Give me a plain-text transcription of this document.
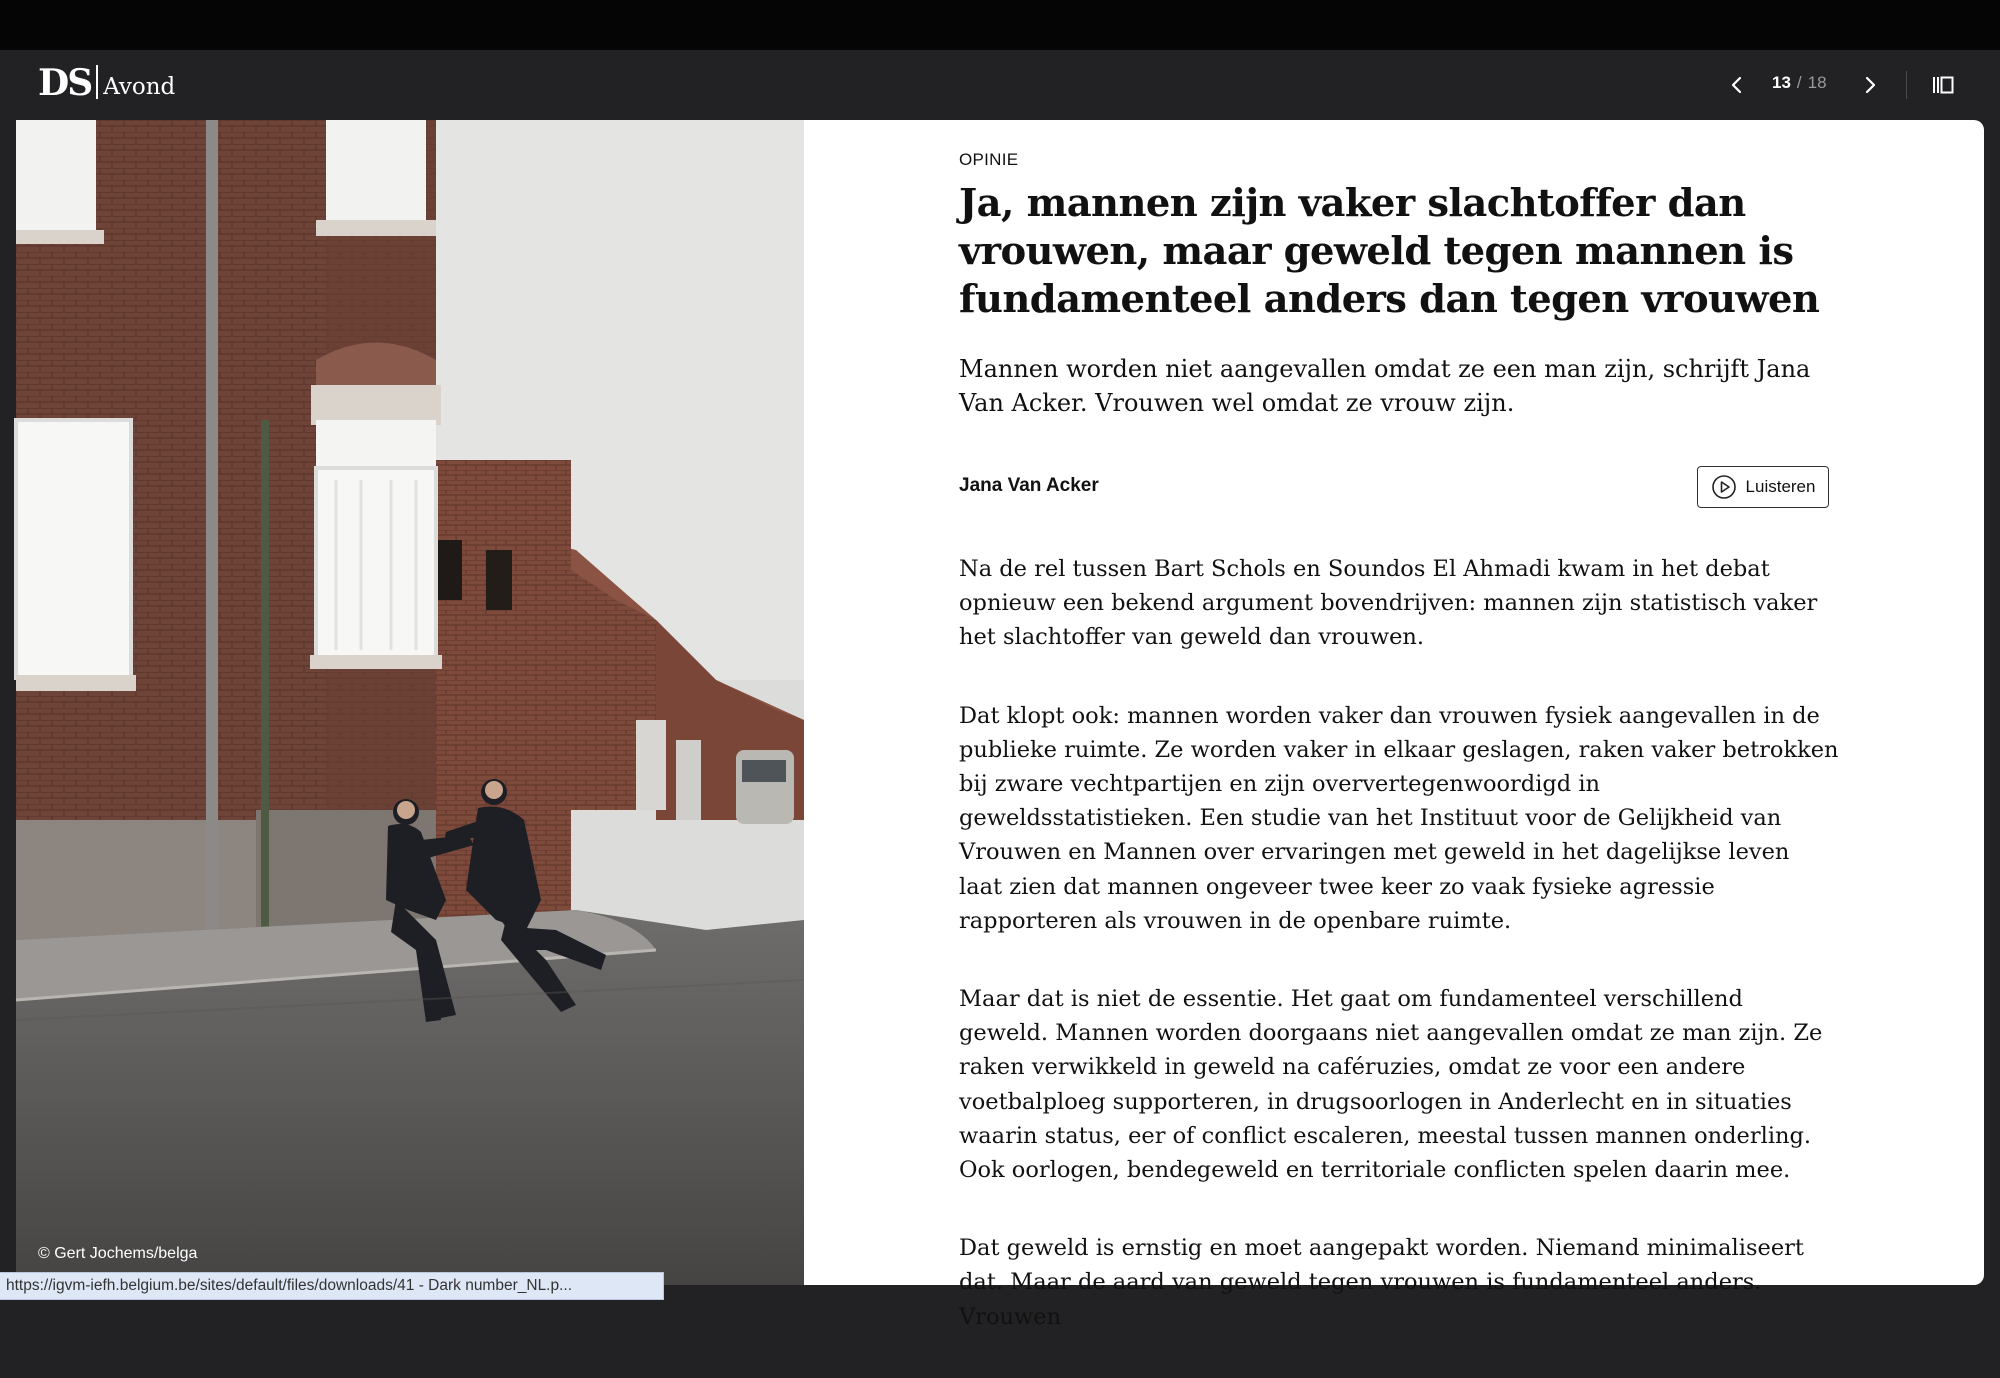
DS Avond	13 / 18
© Gert Jochems/belga
OPINIE
Ja, mannen zijn vaker slachtoffer dan vrouwen, maar geweld tegen mannen is fundamenteel anders dan tegen vrouwen

Mannen worden niet aangevallen omdat ze een man zijn, schrijft Jana Van Acker. Vrouwen wel omdat ze vrouw zijn.

Jana Van Acker	Luisteren

Na de rel tussen Bart Schols en Soundos El Ahmadi kwam in het debat opnieuw een bekend argument bovendrijven: mannen zijn statistisch vaker het slachtoffer van geweld dan vrouwen.

Dat klopt ook: mannen worden vaker dan vrouwen fysiek aangevallen in de publieke ruimte. Ze worden vaker in elkaar geslagen, raken vaker betrokken bij zware vechtpartijen en zijn oververtegenwoordigd in geweldsstatistieken. Een studie van het Instituut voor de Gelijkheid van Vrouwen en Mannen over ervaringen met geweld in het dagelijkse leven laat zien dat mannen ongeveer twee keer zo vaak fysieke agressie rapporteren als vrouwen in de openbare ruimte.

Maar dat is niet de essentie. Het gaat om fundamenteel verschillend geweld. Mannen worden doorgaans niet aangevallen omdat ze man zijn. Ze raken verwikkeld in geweld na caféruzies, omdat ze voor een andere voetbalploeg supporteren, in drugsoorlogen in Anderlecht en in situaties waarin status, eer of conflict escaleren, meestal tussen mannen onderling. Ook oorlogen, bendegeweld en territoriale conflicten spelen daarin mee.

Dat geweld is ernstig en moet aangepakt worden. Niemand minimaliseert dat. Maar de aard van geweld tegen vrouwen is fundamenteel anders. Vrouwen

https://igvm-iefh.belgium.be/sites/default/files/downloads/41 - Dark number_NL.p...
